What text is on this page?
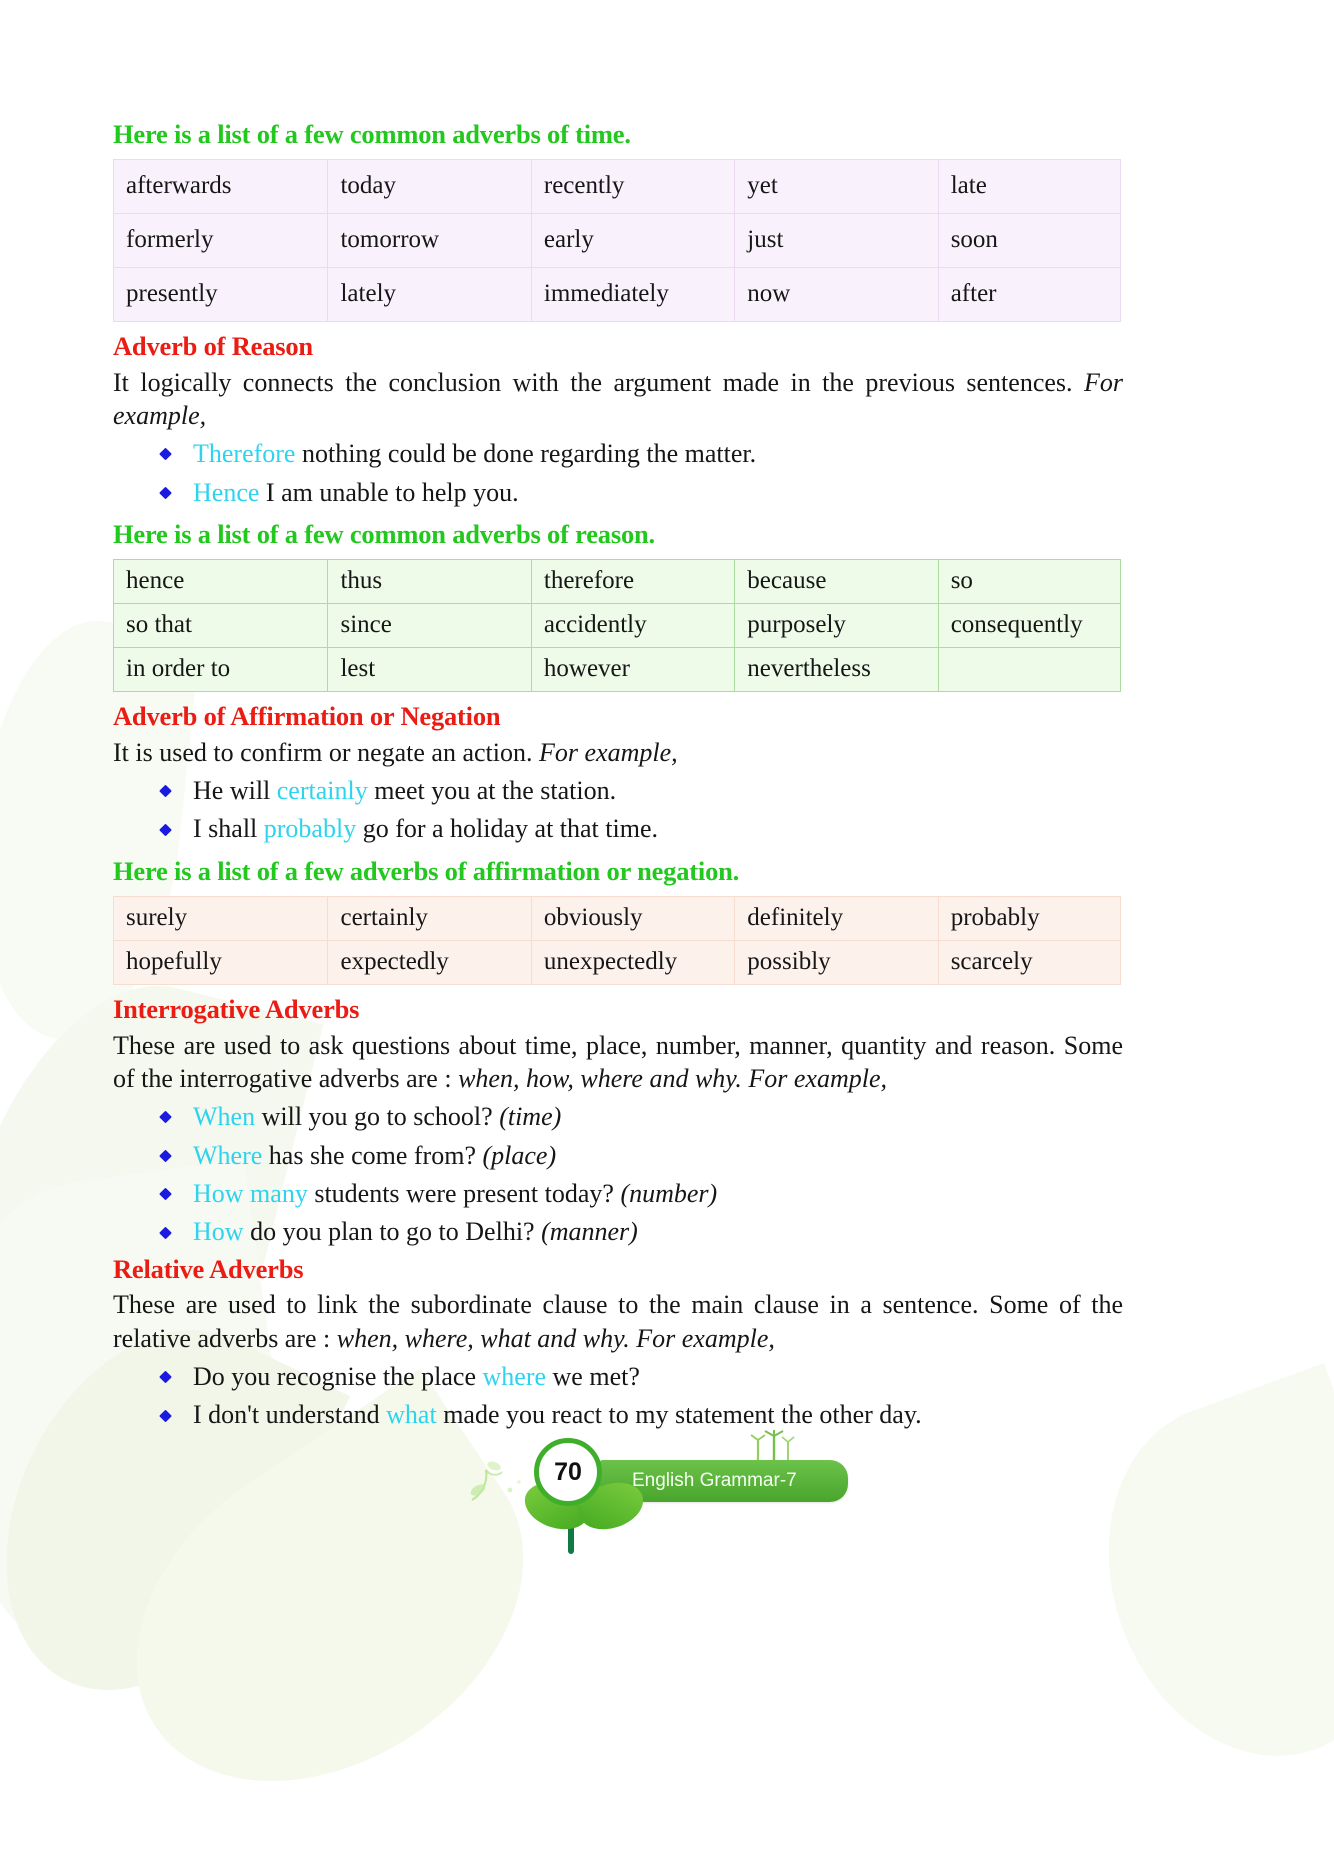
Here is a list of a few common adverbs of time.
afterwards	today	recently	yet	late
formerly	tomorrow	early	just	soon
presently	lately	immediately	now	after
Adverb of Reason

It logically connects the conclusion with the argument made in the previous sentences. For example,

Therefore nothing could be done regarding the matter.
Hence I am unable to help you.
Here is a list of a few common adverbs of reason.
hence	thus	therefore	because	so
so that	since	accidently	purposely	consequently
in order to	lest	however	nevertheless	
Adverb of Affirmation or Negation

It is used to confirm or negate an action. For example,

He will certainly meet you at the station.
I shall probably go for a holiday at that time.
Here is a list of a few adverbs of affirmation or negation.
surely	certainly	obviously	definitely	probably
hopefully	expectedly	unexpectedly	possibly	scarcely
Interrogative Adverbs

These are used to ask questions about time, place, number, manner, quantity and reason. Some of the interrogative adverbs are : when, how, where and why. For example,

When will you go to school? (time)
Where has she come from? (place)
How many students were present today? (number)
How do you plan to go to Delhi? (manner)
Relative Adverbs

These are used to link the subordinate clause to the main clause in a sentence. Some of the relative adverbs are : when, where, what and why. For example,

Do you recognise the place where we met?
I don't understand what made you react to my statement the other day.
English Grammar-7
70
